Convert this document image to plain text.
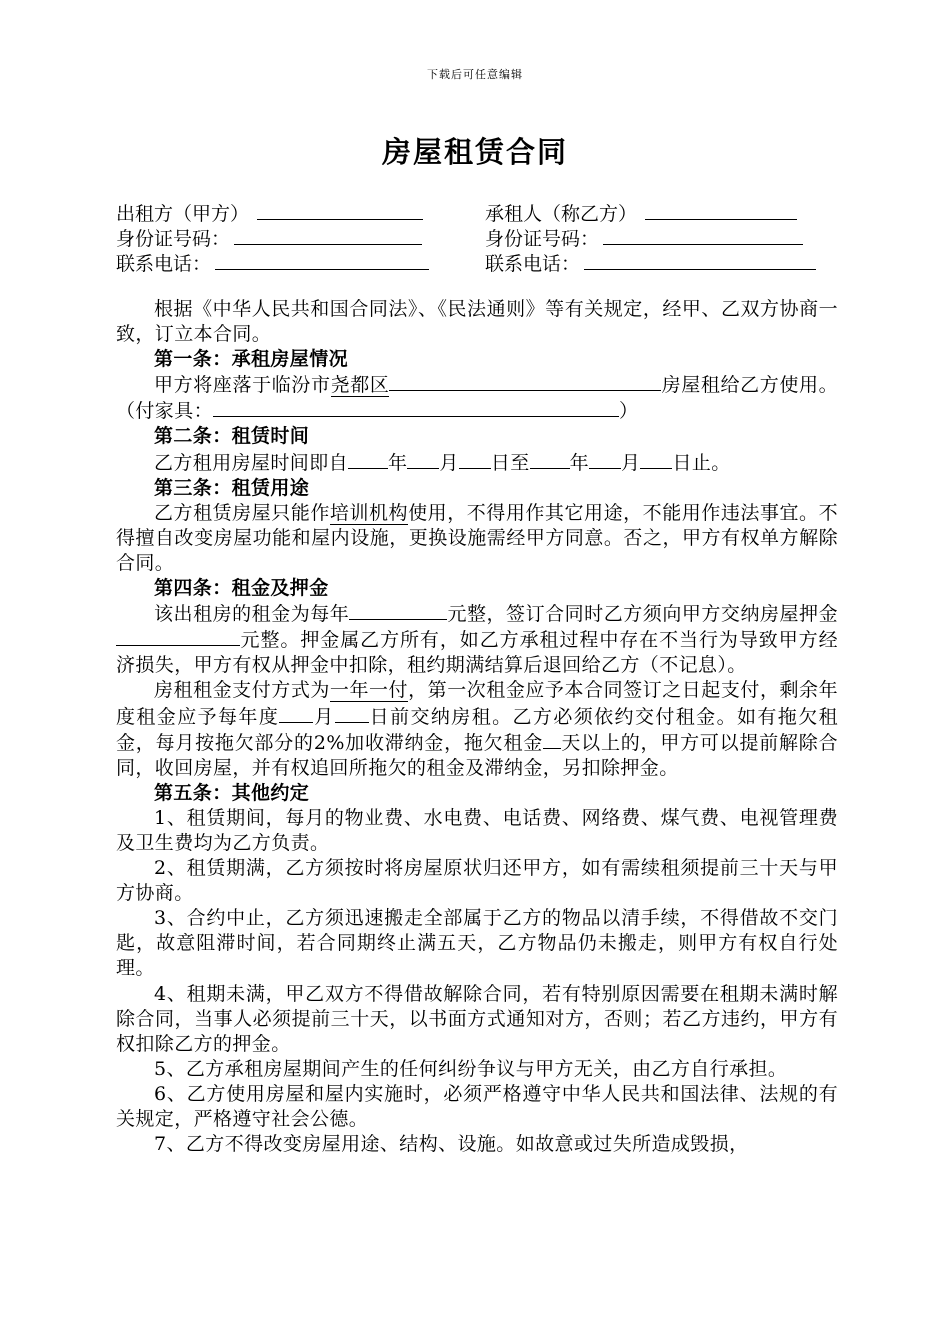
下载后可任意编辑
房屋租赁合同
出租方（甲方）	承租人（称乙方）
身份证号码：	身份证号码：
联系电话：	联系电话：

根据《中华人民共和国合同法》、《民法通则》等有关规定，经甲、乙双方协商一致，订立本合同。

第一条：承租房屋情况

甲方将座落于临汾市尧都区	房屋租给乙方使用。（付家具：	）

第二条：租赁时间

乙方租用房屋时间即自 年 月 日至 年 月 日止。

第三条：租赁用途

乙方租赁房屋只能作培训机构使用，不得用作其它用途，不能用作违法事宜。不得擅自改变房屋功能和屋内设施，更换设施需经甲方同意。否之，甲方有权单方解除合同。

第四条：租金及押金

该出租房的租金为每年	元整，签订合同时乙方须向甲方交纳房屋押金元整。押金属乙方所有，如乙方承租过程中存在不当行为导致甲方经济损失，甲方有权从押金中扣除，租约期满结算后退回给乙方（不记息）。

房租租金支付方式为一年一付，第一次租金应予本合同签订之日起支付，剩余年度租金应予每年度 月 日前交纳房租。乙方必须依约交付租金。如有拖欠租金，每月按拖欠部分的2%加收滞纳金，拖欠租金 天以上的，甲方可以提前解除合同，收回房屋，并有权追回所拖欠的租金及滞纳金，另扣除押金。

第五条：其他约定

1、租赁期间，每月的物业费、水电费、电话费、网络费、煤气费、电视管理费及卫生费均为乙方负责。

2、租赁期满，乙方须按时将房屋原状归还甲方，如有需续租须提前三十天与甲方协商。

3、合约中止，乙方须迅速搬走全部属于乙方的物品以清手续，不得借故不交门匙，故意阻滞时间，若合同期终止满五天，乙方物品仍未搬走，则甲方有权自行处理。

4、租期未满，甲乙双方不得借故解除合同，若有特别原因需要在租期未满时解除合同，当事人必须提前三十天，以书面方式通知对方，否则；若乙方违约，甲方有权扣除乙方的押金。

5、乙方承租房屋期间产生的任何纠纷争议与甲方无关，由乙方自行承担。

6、乙方使用房屋和屋内实施时，必须严格遵守中华人民共和国法律、法规的有关规定，严格遵守社会公德。

7、乙方不得改变房屋用途、结构、设施。如故意或过失所造成毁损，
